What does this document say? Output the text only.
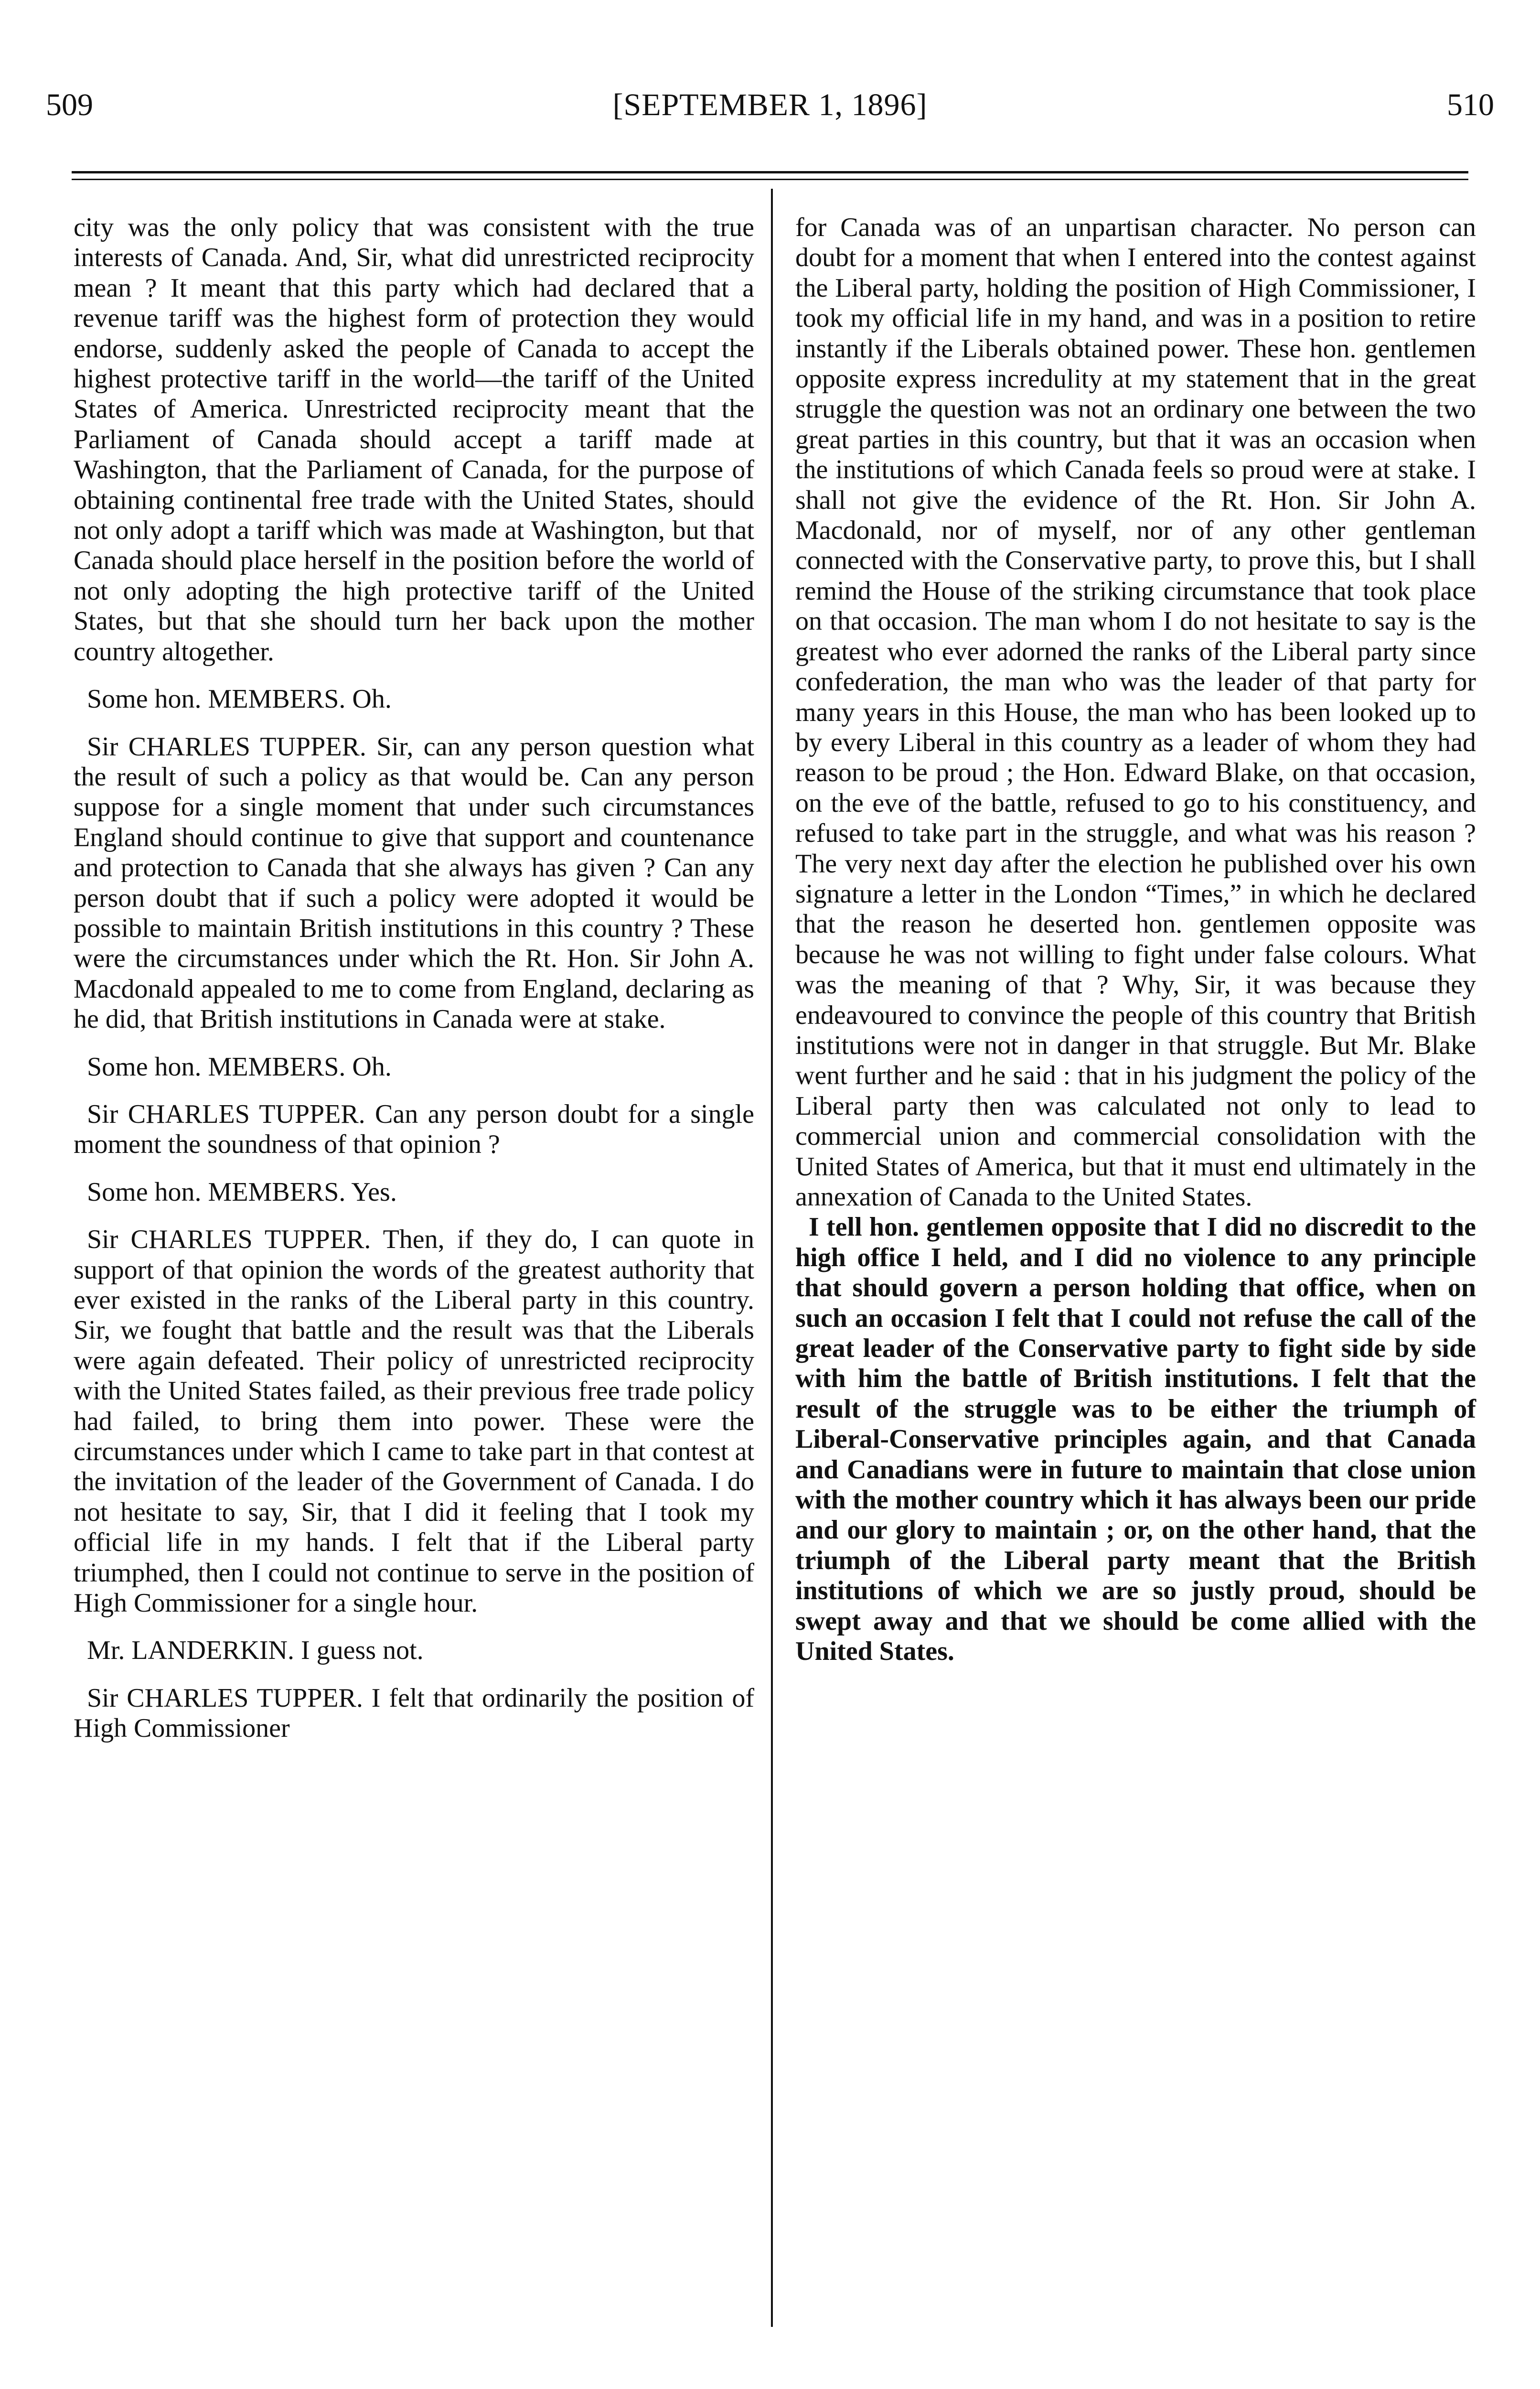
509	[SEPTEMBER 1, 1896]	510

city was the only policy that was consistent with the true interests of Canada. And, Sir, what did unrestricted reciprocity mean ? It meant that this party which had declared that a revenue tariff was the highest form of protection they would endorse, suddenly asked the people of Canada to accept the highest protective tariff in the world—the tariff of the United States of America. Unrestricted reciprocity meant that the Parliament of Canada should accept a tariff made at Washington, that the Parliament of Canada, for the purpose of obtaining continental free trade with the United States, should not only adopt a tariff which was made at Washington, but that Canada should place herself in the position before the world of not only adopting the high protective tariff of the United States, but that she should turn her back upon the mother country altogether.

Some hon. MEMBERS. Oh.

Sir CHARLES TUPPER. Sir, can any person question what the result of such a policy as that would be. Can any person suppose for a single moment that under such circumstances England should continue to give that support and countenance and protection to Canada that she always has given ? Can any person doubt that if such a policy were adopted it would be possible to maintain British institutions in this country ? These were the circumstances under which the Rt. Hon. Sir John A. Macdonald appealed to me to come from England, declaring as he did, that British institutions in Canada were at stake.

Some hon. MEMBERS. Oh.

Sir CHARLES TUPPER. Can any person doubt for a single moment the soundness of that opinion ?

Some hon. MEMBERS. Yes.

Sir CHARLES TUPPER. Then, if they do, I can quote in support of that opinion the words of the greatest authority that ever existed in the ranks of the Liberal party in this country. Sir, we fought that battle and the result was that the Liberals were again defeated. Their policy of unrestricted reciprocity with the United States failed, as their previous free trade policy had failed, to bring them into power. These were the circumstances under which I came to take part in that contest at the invitation of the leader of the Government of Canada. I do not hesitate to say, Sir, that I did it feeling that I took my official life in my hands. I felt that if the Liberal party triumphed, then I could not continue to serve in the position of High Commissioner for a single hour.

Mr. LANDERKIN. I guess not.

Sir CHARLES TUPPER. I felt that ordinarily the position of High Commissioner

for Canada was of an unpartisan character. No person can doubt for a moment that when I entered into the contest against the Liberal party, holding the position of High Commissioner, I took my official life in my hand, and was in a position to retire instantly if the Liberals obtained power. These hon. gentlemen opposite express incredulity at my statement that in the great struggle the question was not an ordinary one between the two great parties in this country, but that it was an occasion when the institutions of which Canada feels so proud were at stake. I shall not give the evidence of the Rt. Hon. Sir John A. Macdonald, nor of myself, nor of any other gentleman connected with the Conservative party, to prove this, but I shall remind the House of the striking circumstance that took place on that occasion. The man whom I do not hesitate to say is the greatest who ever adorned the ranks of the Liberal party since confederation, the man who was the leader of that party for many years in this House, the man who has been looked up to by every Liberal in this country as a leader of whom they had reason to be proud ; the Hon. Edward Blake, on that occasion, on the eve of the battle, refused to go to his constituency, and refused to take part in the struggle, and what was his reason ? The very next day after the election he published over his own signature a letter in the London “Times,” in which he declared that the reason he deserted hon. gentlemen opposite was because he was not willing to fight under false colours. What was the meaning of that ? Why, Sir, it was because they endeavoured to convince the people of this country that British institutions were not in danger in that struggle. But Mr. Blake went further and he said : that in his judgment the policy of the Liberal party then was calculated not only to lead to commercial union and commercial consolidation with the United States of America, but that it must end ultimately in the annexation of Canada to the United States.

I tell hon. gentlemen opposite that I did no discredit to the high office I held, and I did no violence to any principle that should govern a person holding that office, when on such an occasion I felt that I could not refuse the call of the great leader of the Conservative party to fight side by side with him the battle of British institutions. I felt that the result of the struggle was to be either the triumph of Liberal-Conservative principles again, and that Canada and Canadians were in future to maintain that close union with the mother country which it has always been our pride and our glory to maintain ; or, on the other hand, that the triumph of the Liberal party meant that the British institutions of which we are so justly proud, should be swept away and that we should be come allied with the United States.
